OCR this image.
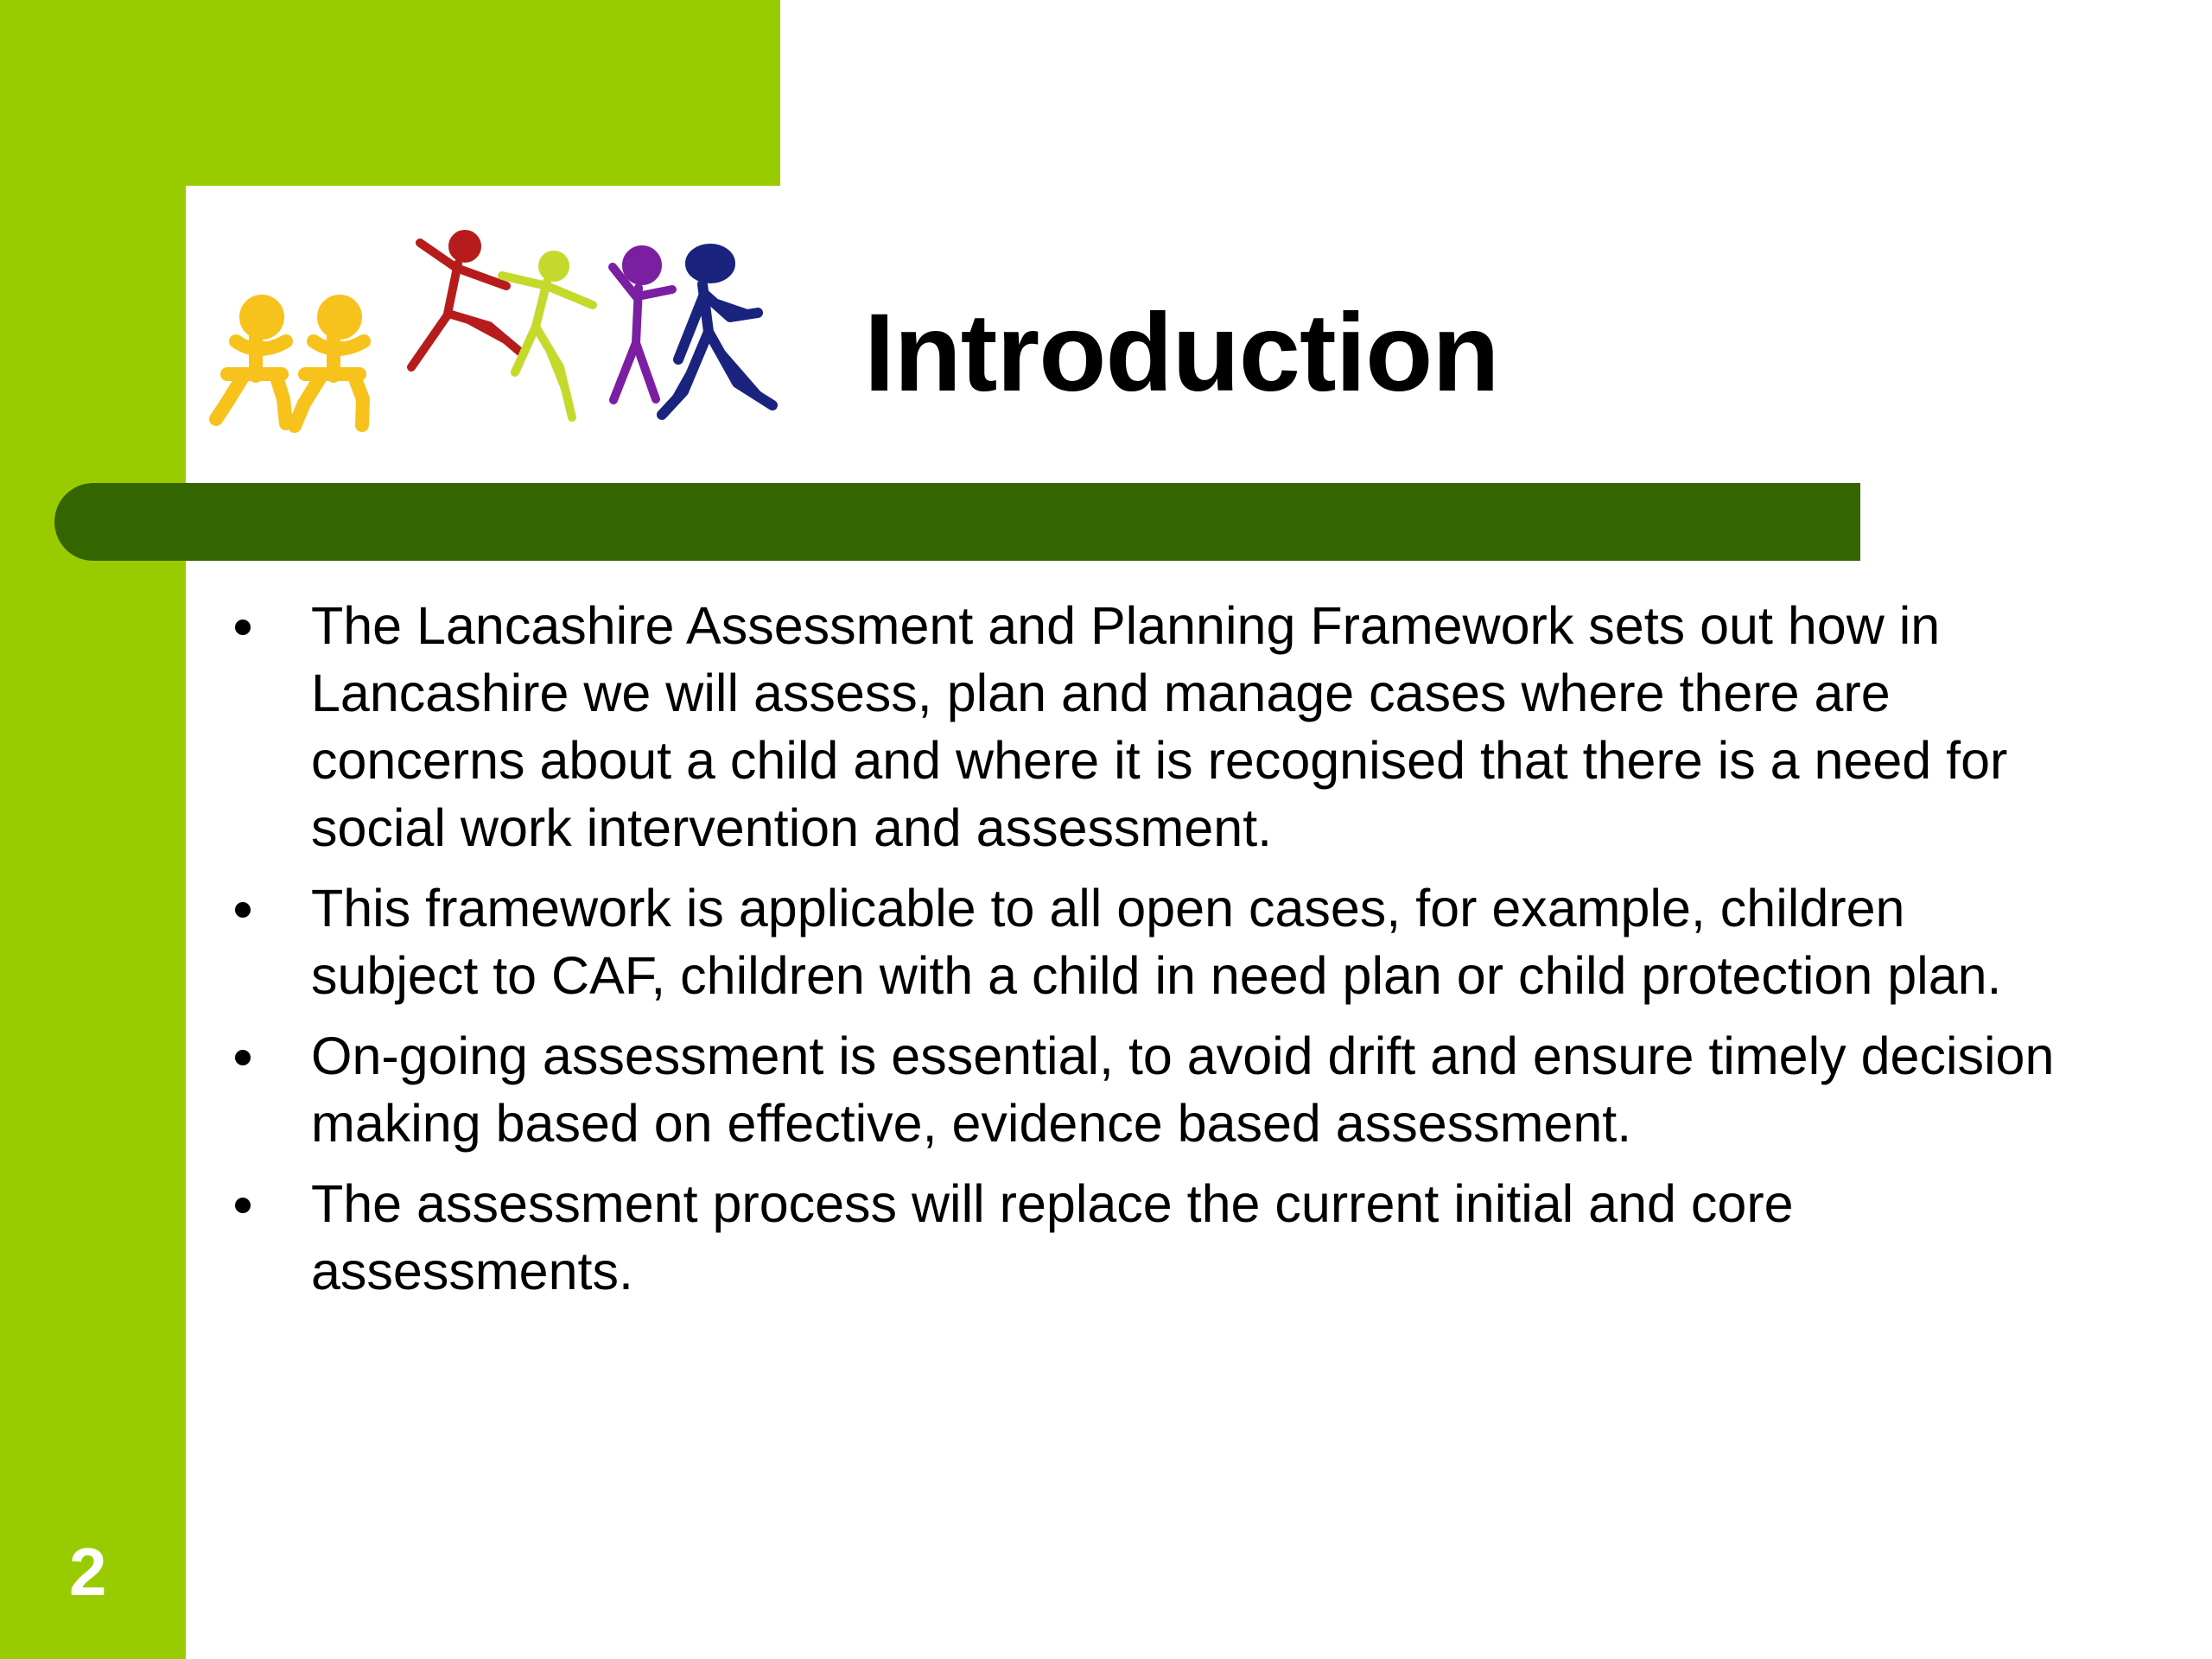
Introduction
The Lancashire Assessment and Planning Framework sets out how in Lancashire we will assess, plan and manage cases where there are concerns about a child and where it is recognised that there is a need for social work intervention and assessment.
This framework is applicable to all open cases, for example, children subject to CAF, children with a child in need plan or child protection plan.
On-going assessment is essential, to avoid drift and ensure timely decision making based on effective, evidence based assessment.
The assessment process will replace the current initial and core assessments.
2
